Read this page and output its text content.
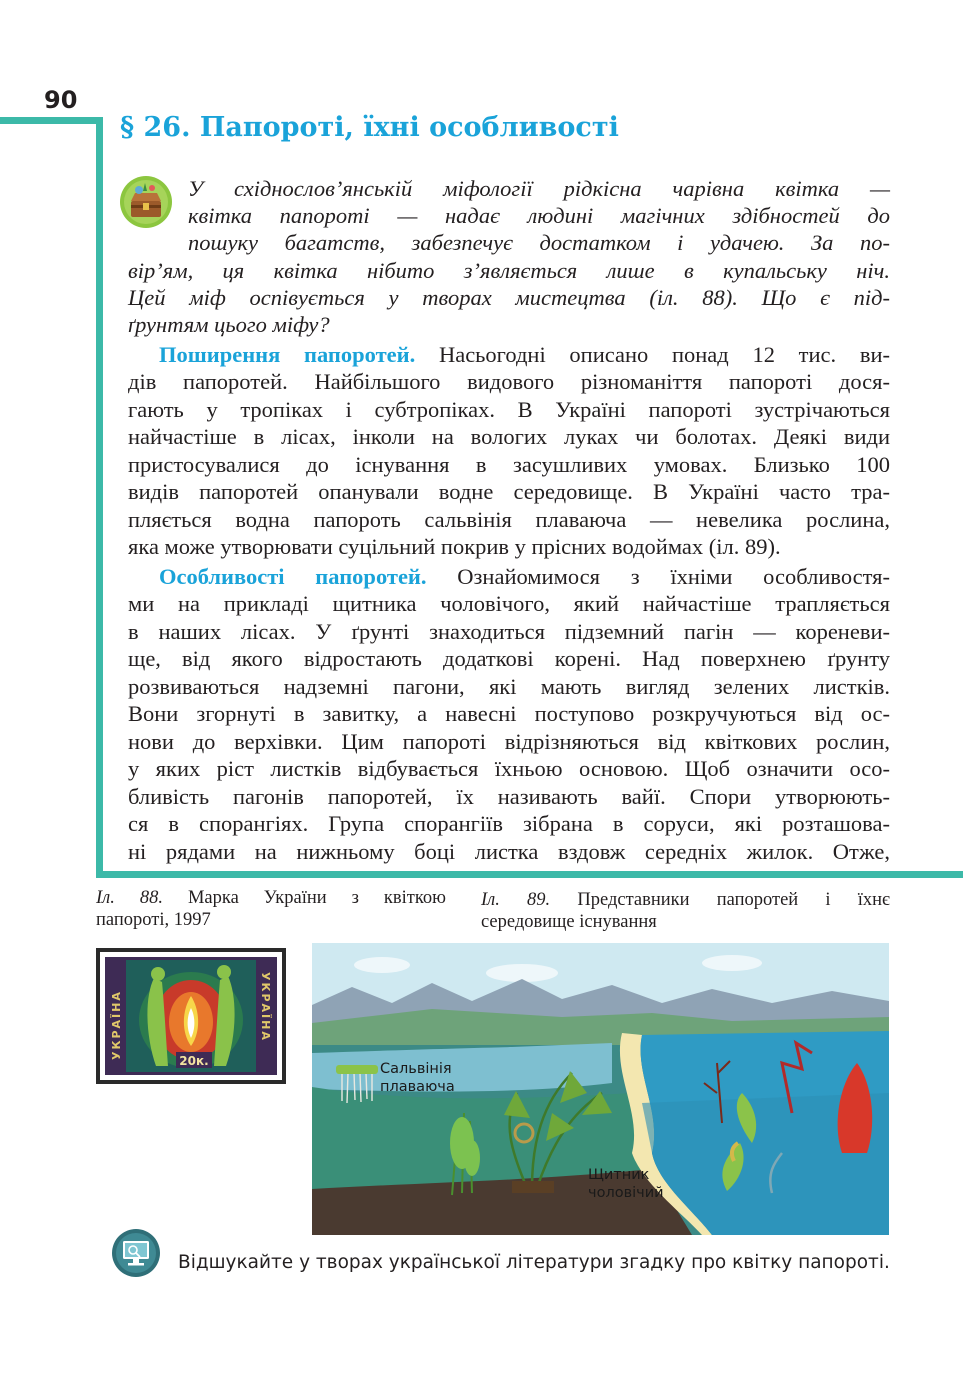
90
§ 26. Папороті, їхні особливості
У східнослов’янській міфології рідкісна чарівна квітка —
квітка папороті — надає людині магічних здібностей до
пошуку багатств, забезпечує достатком і удачею. За по-
вір’ям, ця квітка нібито з’являється лише в купальську ніч.
Цей міф оспівується у творах мистецтва (іл. 88). Що є під-
ґрунтям цього міфу?
Поширення папоротей. Насьогодні описано понад 12 тис. ви-
дів папоротей. Найбільшого видового різноманіття папороті дося-
гають у тропіках і субтропіках. В Україні папороті зустрічаються
найчастіше в лісах, інколи на вологих луках чи болотах. Деякі види
пристосувалися до існування в засушливих умовах. Близько 100
видів папоротей опанували водне середовище. В Україні часто тра-
пляється водна папороть сальвінія плаваюча — невелика рослина,
яка може утворювати суцільний покрив у прісних водоймах (іл. 89).
Особливості папоротей. Ознайомимося з їхніми особливостя-
ми на прикладі щитника чоловічого, який найчастіше трапляється
в наших лісах. У ґрунті знаходиться підземний пагін — кореневи-
ще, від якого відростають додаткові корені. Над поверхнею ґрунту
розвиваються надземні пагони, які мають вигляд зелених листків.
Вони згорнуті в завитку, а навесні поступово розкручуються від ос-
нови до верхівки. Цим папороті відрізняються від квіткових рослин,
у яких ріст листків відбувається їхньою основою. Щоб означити осо-
бливість пагонів папоротей, їх називають вайї. Спори утворюють-
ся в спорангіях. Група спорангіїв зібрана в соруси, які розташова-
ні рядами на нижньому боці листка вздовж середніх жилок. Отже,
Іл. 88. Марка України з квіткою
папороті, 1997
Іл. 89. Представники папоротей і їхнє
середовище існування
УКРАЇНА	УКРАЇНА
20к.	Сальвінія
плаваюча
Щитник
чоловічий
Відшукайте у творах української літератури згадку про квітку папороті.
